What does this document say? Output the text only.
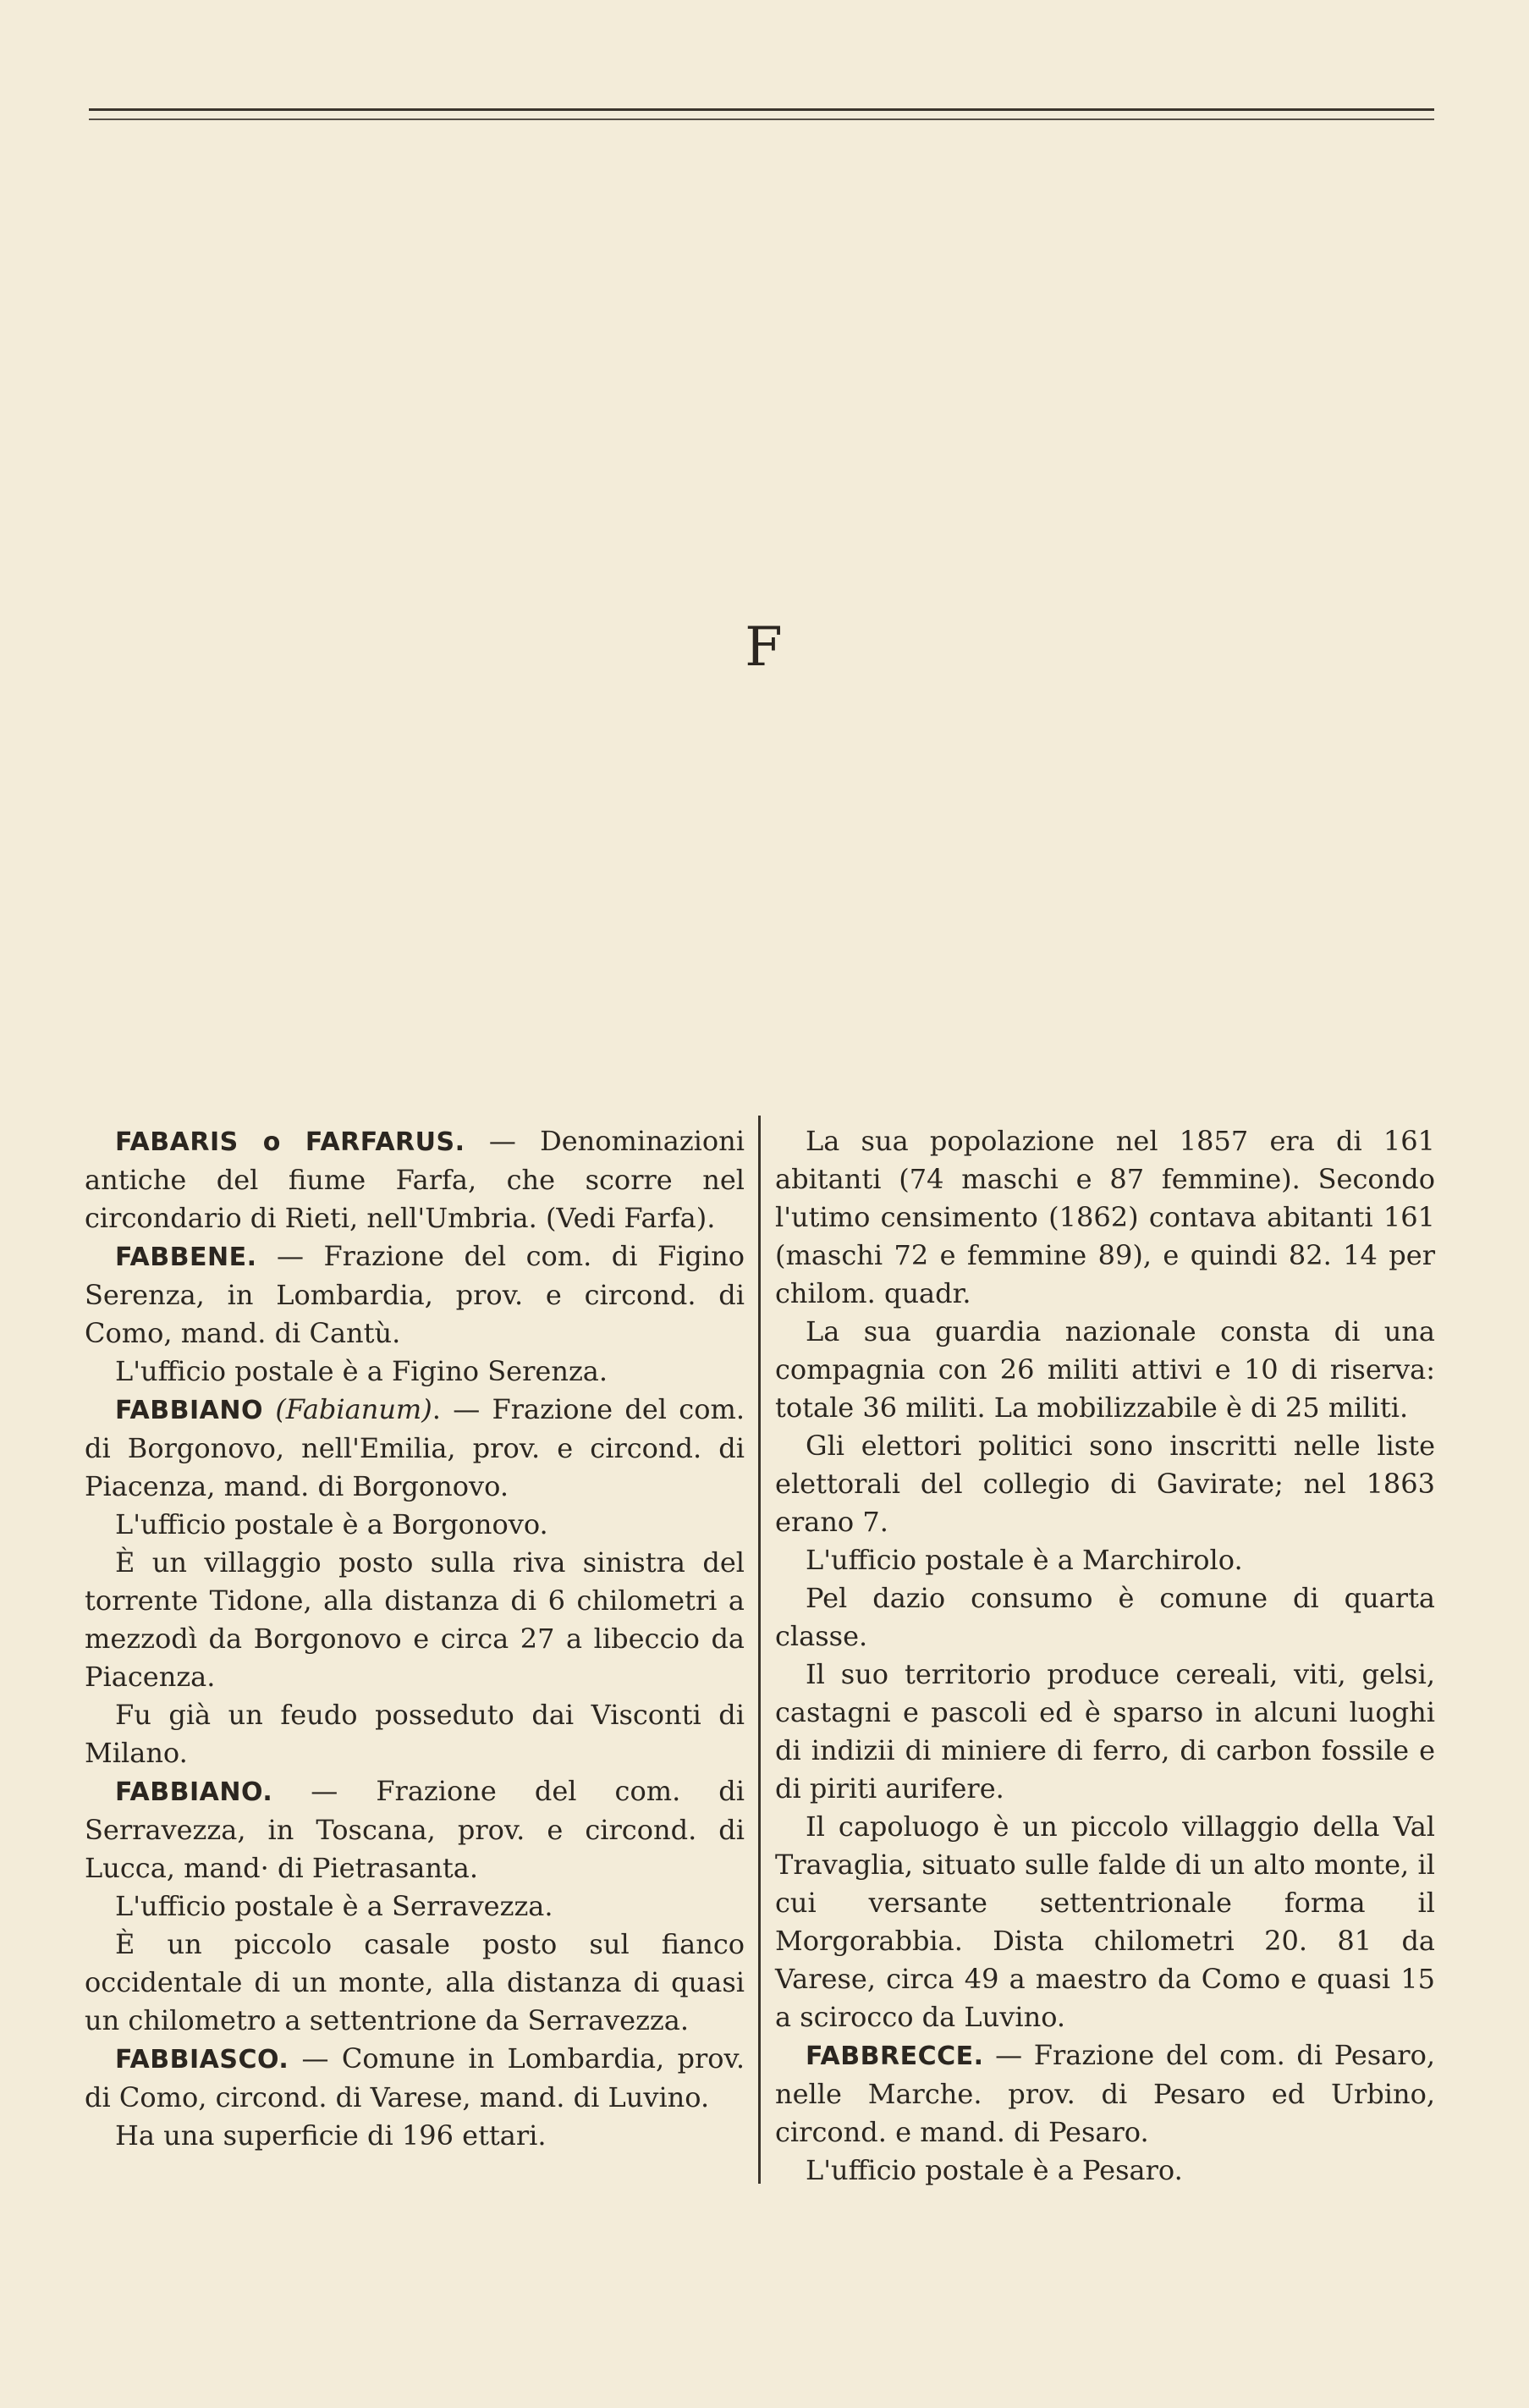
F

FABARIS o FARFARUS. — Denominazioni antiche del fiume Farfa, che scorre nel circondario di Rieti, nell'Umbria. (Vedi Farfa).

FABBENE. — Frazione del com. di Figino Serenza, in Lombardia, prov. e circond. di Como, mand. di Cantù.

L'ufficio postale è a Figino Serenza.

FABBIANO (Fabianum). — Frazione del com. di Borgonovo, nell'Emilia, prov. e circond. di Piacenza, mand. di Borgonovo.

L'ufficio postale è a Borgonovo.

È un villaggio posto sulla riva sinistra del torrente Tidone, alla distanza di 6 chilometri a mezzodì da Borgonovo e circa 27 a libeccio da Piacenza.

Fu già un feudo posseduto dai Visconti di Milano.

FABBIANO. — Frazione del com. di Serravezza, in Toscana, prov. e circond. di Lucca, mand· di Pietrasanta.

L'ufficio postale è a Serravezza.

È un piccolo casale posto sul fianco occidentale di un monte, alla distanza di quasi un chilometro a settentrione da Serravezza.

FABBIASCO. — Comune in Lombardia, prov. di Como, circond. di Varese, mand. di Luvino.

Ha una superficie di 196 ettari.

La sua popolazione nel 1857 era di 161 abitanti (74 maschi e 87 femmine). Secondo l'utimo censimento (1862) contava abitanti 161 (maschi 72 e femmine 89), e quindi 82. 14 per chilom. quadr.

La sua guardia nazionale consta di una compagnia con 26 militi attivi e 10 di riserva: totale 36 militi. La mobilizzabile è di 25 militi.

Gli elettori politici sono inscritti nelle liste elettorali del collegio di Gavirate; nel 1863 erano 7.

L'ufficio postale è a Marchirolo.

Pel dazio consumo è comune di quarta classe.

Il suo territorio produce cereali, viti, gelsi, castagni e pascoli ed è sparso in alcuni luoghi di indizii di miniere di ferro, di carbon fossile e di piriti aurifere.

Il capoluogo è un piccolo villaggio della Val Travaglia, situato sulle falde di un alto monte, il cui versante settentrionale forma il Morgorabbia. Dista chilometri 20. 81 da Varese, circa 49 a maestro da Como e quasi 15 a scirocco da Luvino.

FABBRECCE. — Frazione del com. di Pesaro, nelle Marche. prov. di Pesaro ed Urbino, circond. e mand. di Pesaro.

L'ufficio postale è a Pesaro.
